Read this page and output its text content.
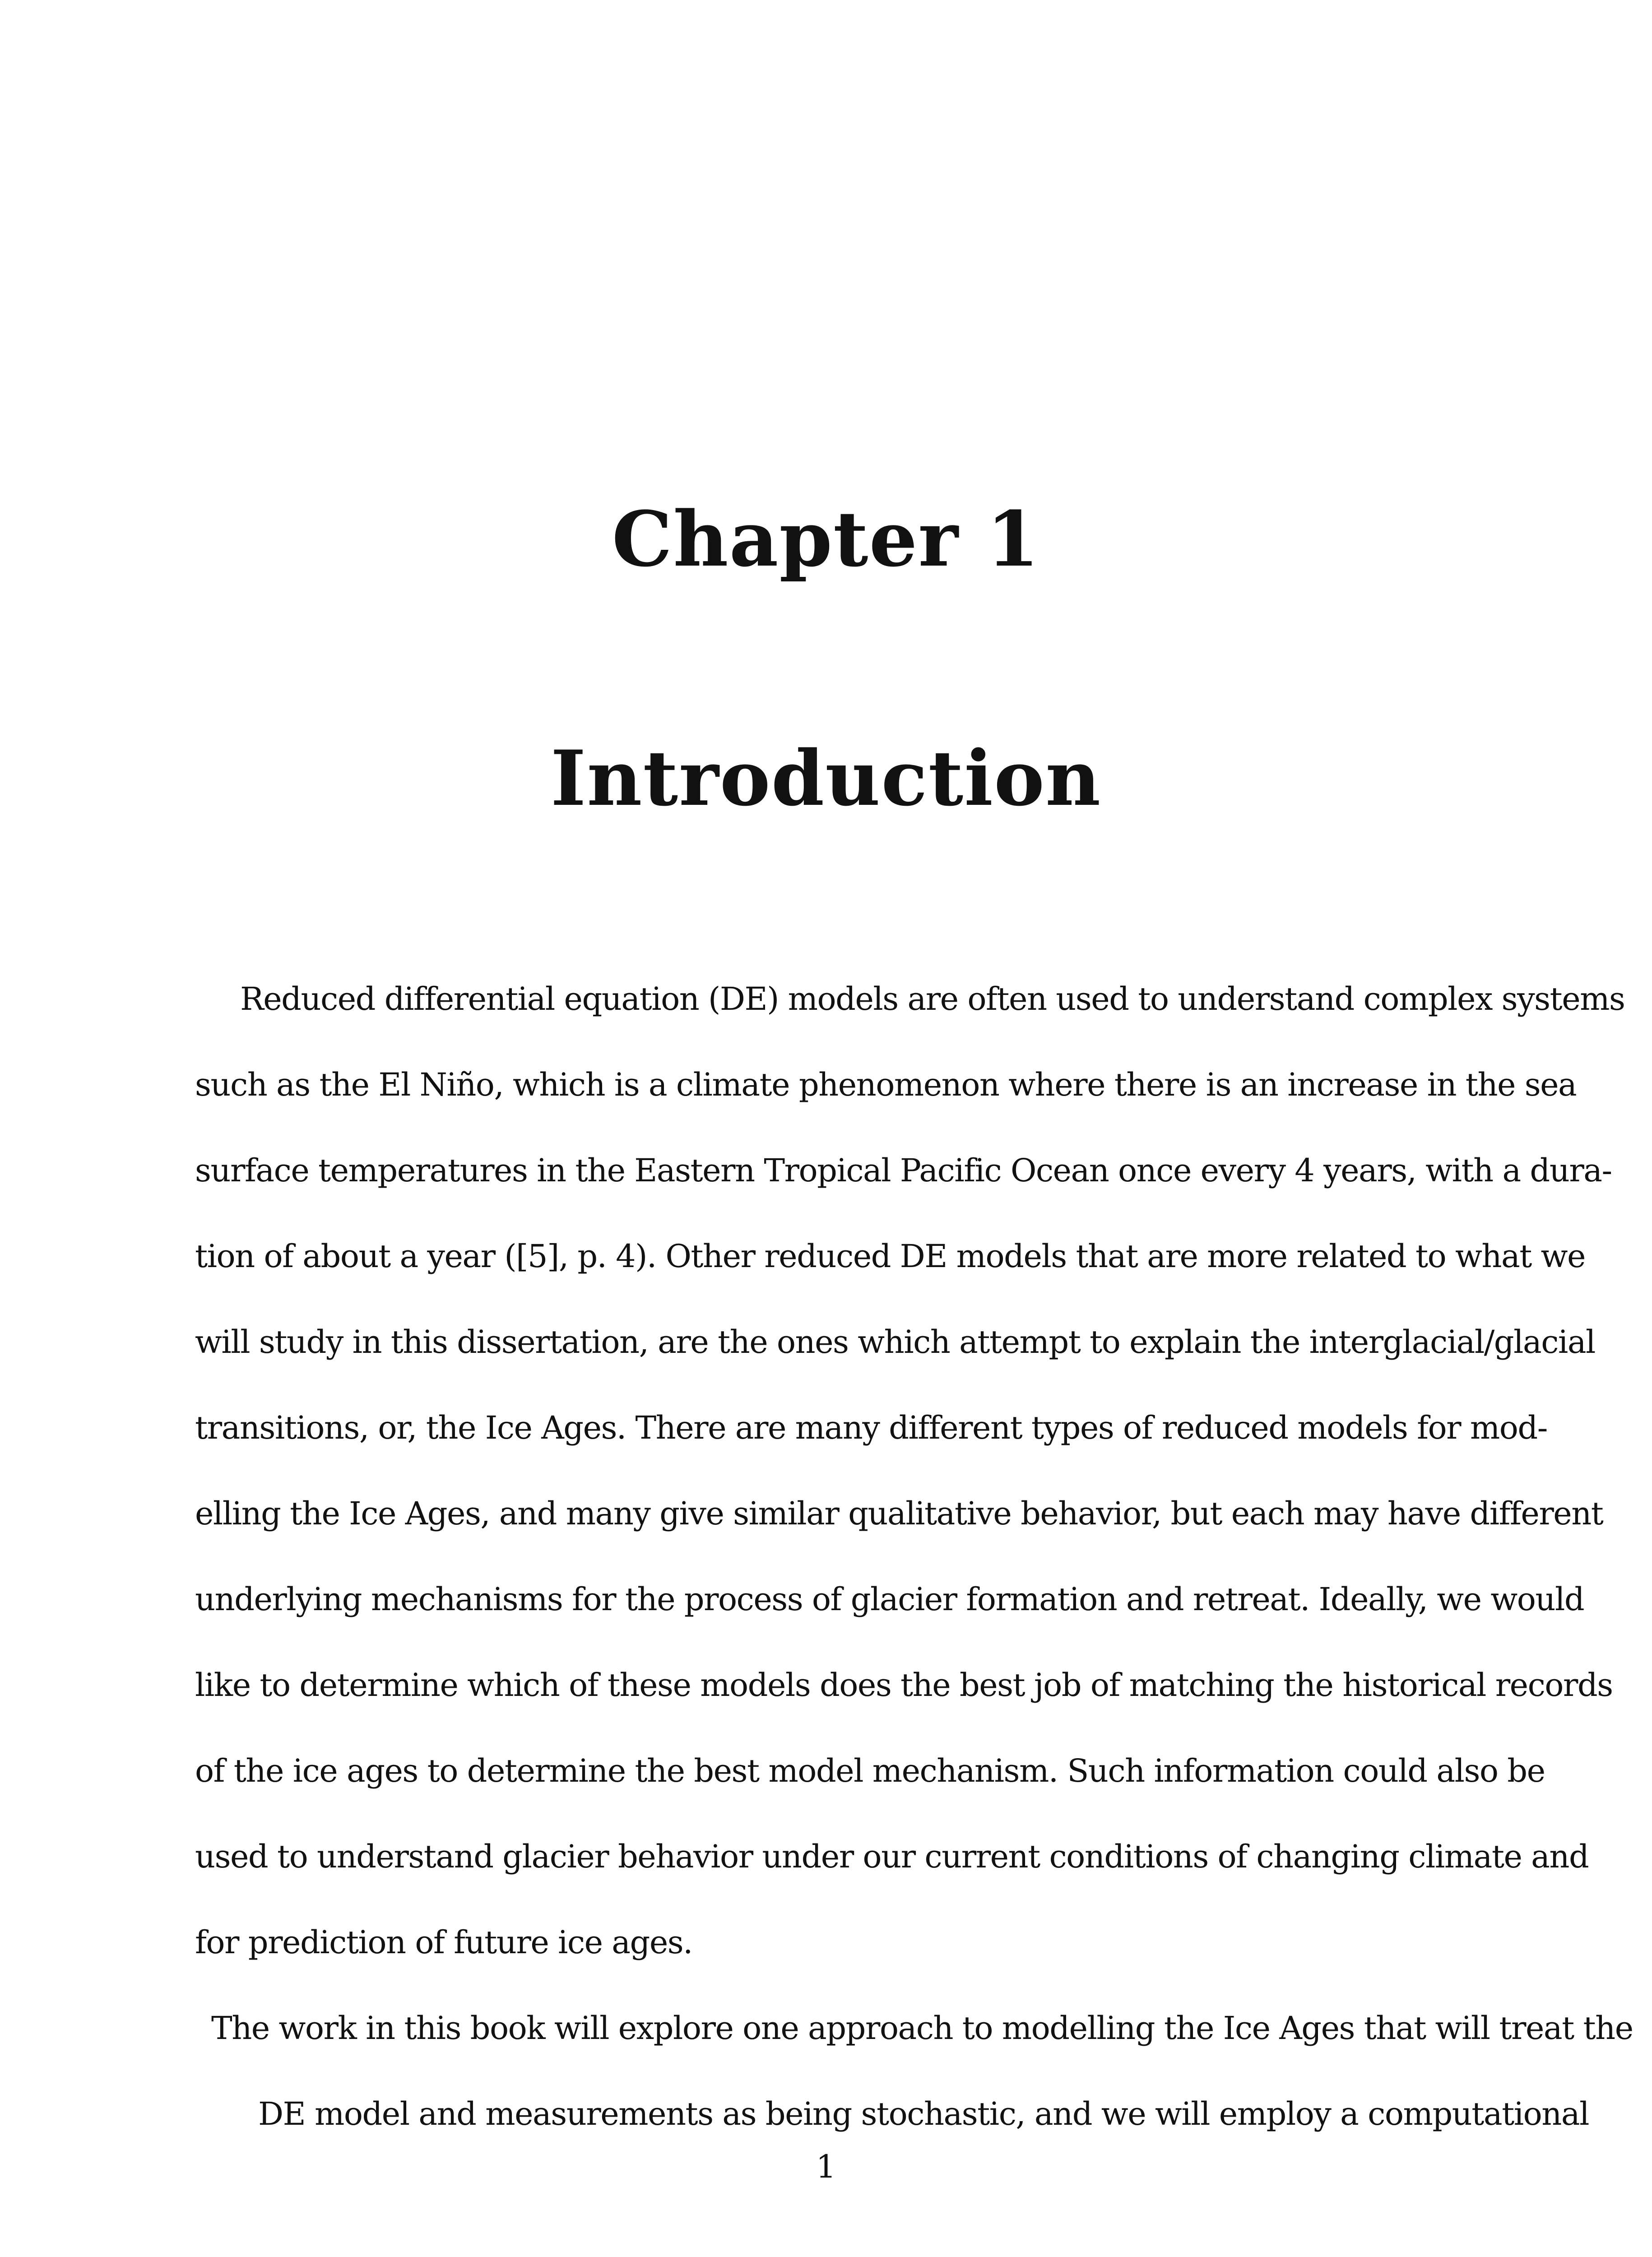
Chapter 1
Introduction
Reduced differential equation (DE) models are often used to understand complex systems
such as the El Niño, which is a climate phenomenon where there is an increase in the sea
surface temperatures in the Eastern Tropical Pacific Ocean once every 4 years, with a dura-
tion of about a year ([5], p. 4). Other reduced DE models that are more related to what we
will study in this dissertation, are the ones which attempt to explain the interglacial/glacial
transitions, or, the Ice Ages. There are many different types of reduced models for mod-
elling the Ice Ages, and many give similar qualitative behavior, but each may have different
underlying mechanisms for the process of glacier formation and retreat. Ideally, we would
like to determine which of these models does the best job of matching the historical records
of the ice ages to determine the best model mechanism. Such information could also be
used to understand glacier behavior under our current conditions of changing climate and
for prediction of future ice ages.
The work in this book will explore one approach to modelling the Ice Ages that will treat the
DE model and measurements as being stochastic, and we will employ a computational
1
